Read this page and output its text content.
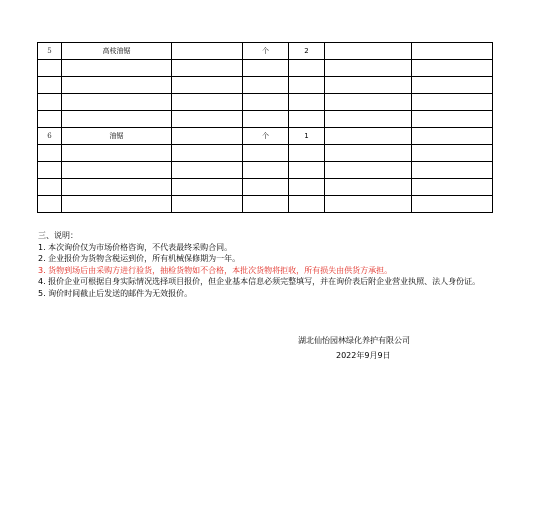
5	高枝油锯		个	2		

6	油锯		个	1		

三、说明：
1. 本次询价仅为市场价格咨询，不代表最终采购合同。
2. 企业报价为货物含税运到价，所有机械保修期为一年。
3. 货物到场后由采购方进行验货，抽检货物如不合格，本批次货物将拒收，所有损失由供货方承担。
4. 报价企业可根据自身实际情况选择项目报价，但企业基本信息必须完整填写，并在询价表后附企业营业执照、法人身份证。
5. 询价时间截止后发送的邮件为无效报价。
湖北仙怡园林绿化养护有限公司
2022年9月9日
